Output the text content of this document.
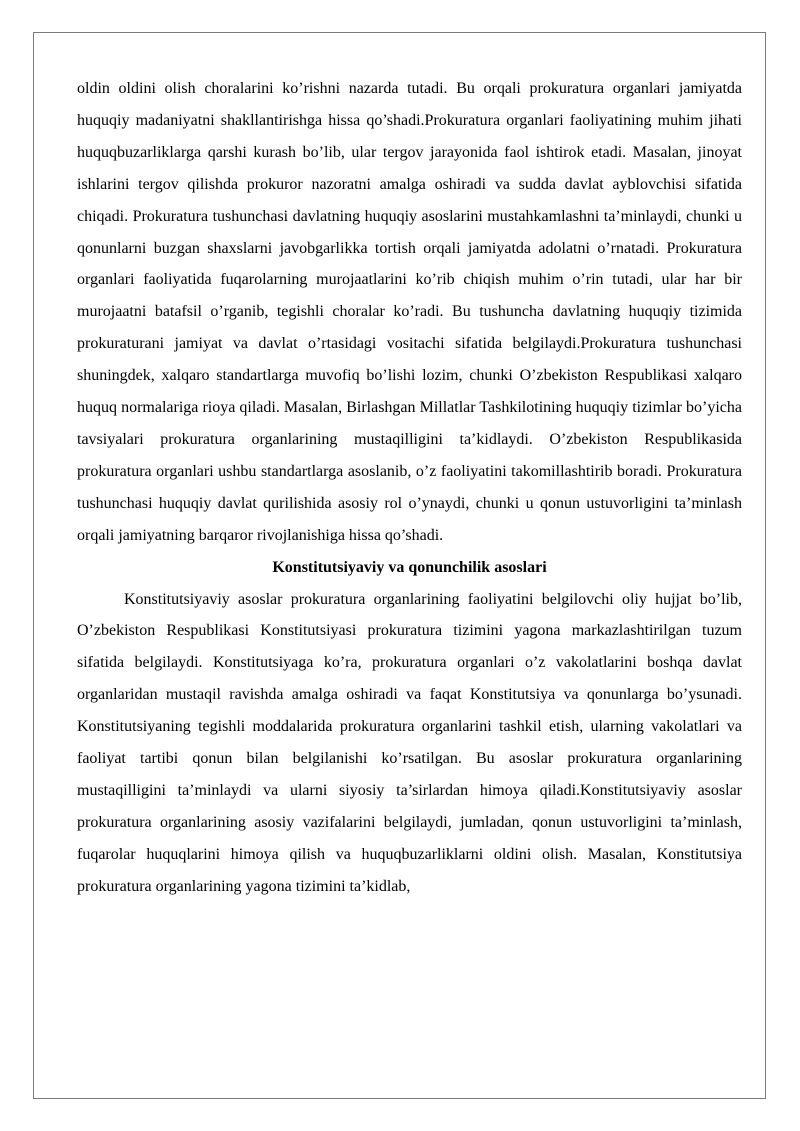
oldin oldini olish choralarini ko’rishni nazarda tutadi. Bu orqali prokuratura organlari jamiyatda huquqiy madaniyatni shakllantirishga hissa qo’shadi.Prokuratura organlari faoliyatining muhim jihati huquqbuzarliklarga qarshi kurash bo’lib, ular tergov jarayonida faol ishtirok etadi. Masalan, jinoyat ishlarini tergov qilishda prokuror nazoratni amalga oshiradi va sudda davlat ayblovchisi sifatida chiqadi. Prokuratura tushunchasi davlatning huquqiy asoslarini mustahkamlashni ta’minlaydi, chunki u qonunlarni buzgan shaxslarni javobgarlikka tortish orqali jamiyatda adolatni o’rnatadi. Prokuratura organlari faoliyatida fuqarolarning murojaatlarini ko’rib chiqish muhim o’rin tutadi, ular har bir murojaatni batafsil o’rganib, tegishli choralar ko’radi. Bu tushuncha davlatning huquqiy tizimida prokuraturani jamiyat va davlat o’rtasidagi vositachi sifatida belgilaydi.Prokuratura tushunchasi shuningdek, xalqaro standartlarga muvofiq bo’lishi lozim, chunki O’zbekiston Respublikasi xalqaro huquq normalariga rioya qiladi. Masalan, Birlashgan Millatlar Tashkilotining huquqiy tizimlar bo’yicha tavsiyalari prokuratura organlarining mustaqilligini ta’kidlaydi. O’zbekiston Respublikasida prokuratura organlari ushbu standartlarga asoslanib, o’z faoliyatini takomillashtirib boradi. Prokuratura tushunchasi huquqiy davlat qurilishida asosiy rol o’ynaydi, chunki u qonun ustuvorligini ta’minlash orqali jamiyatning barqaror rivojlanishiga hissa qo’shadi.

Konstitutsiyaviy va qonunchilik asoslari

Konstitutsiyaviy asoslar prokuratura organlarining faoliyatini belgilovchi oliy hujjat bo’lib, O’zbekiston Respublikasi Konstitutsiyasi prokuratura tizimini yagona markazlashtirilgan tuzum sifatida belgilaydi. Konstitutsiyaga ko’ra, prokuratura organlari o’z vakolatlarini boshqa davlat organlaridan mustaqil ravishda amalga oshiradi va faqat Konstitutsiya va qonunlarga bo’ysunadi. Konstitutsiyaning tegishli moddalarida prokuratura organlarini tashkil etish, ularning vakolatlari va faoliyat tartibi qonun bilan belgilanishi ko’rsatilgan. Bu asoslar prokuratura organlarining mustaqilligini ta’minlaydi va ularni siyosiy ta’sirlardan himoya qiladi.Konstitutsiyaviy asoslar prokuratura organlarining asosiy vazifalarini belgilaydi, jumladan, qonun ustuvorligini ta’minlash, fuqarolar huquqlarini himoya qilish va huquqbuzarliklarni oldini olish. Masalan, Konstitutsiya prokuratura organlarining yagona tizimini ta’kidlab,
